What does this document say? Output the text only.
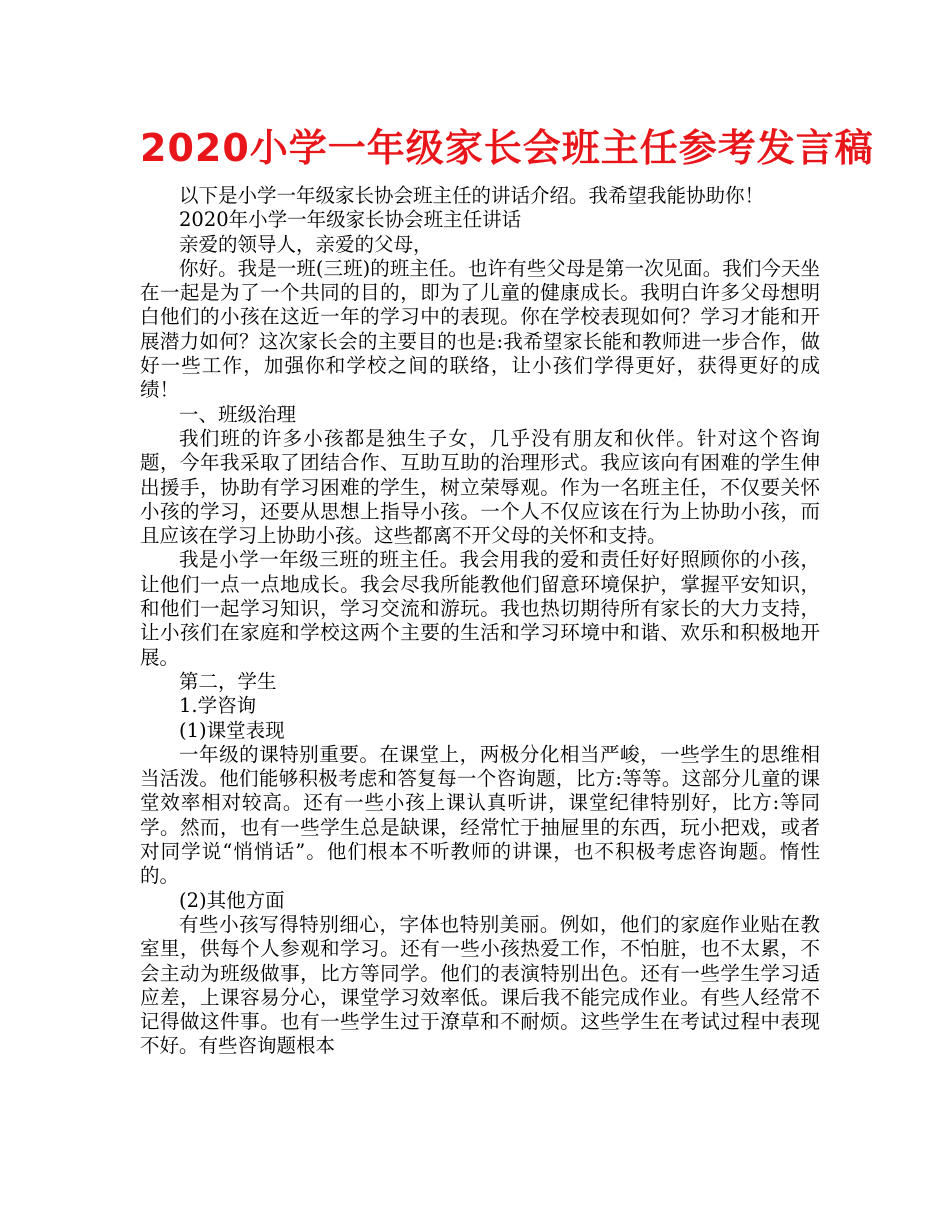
2020小学一年级家长会班主任参考发言稿

以下是小学一年级家长协会班主任的讲话介绍。我希望我能协助你！

2020年小学一年级家长协会班主任讲话

亲爱的领导人，亲爱的父母，

你好。我是一班(三班)的班主任。也许有些父母是第一次见面。我们今天坐在一起是为了一个共同的目的，即为了儿童的健康成长。我明白许多父母想明白他们的小孩在这近一年的学习中的表现。你在学校表现如何？学习才能和开展潜力如何？这次家长会的主要目的也是:我希望家长能和教师进一步合作，做好一些工作，加强你和学校之间的联络，让小孩们学得更好，获得更好的成绩！

一、班级治理

我们班的许多小孩都是独生子女，几乎没有朋友和伙伴。针对这个咨询题，今年我采取了团结合作、互助互助的治理形式。我应该向有困难的学生伸出援手，协助有学习困难的学生，树立荣辱观。作为一名班主任，不仅要关怀小孩的学习，还要从思想上指导小孩。一个人不仅应该在行为上协助小孩，而且应该在学习上协助小孩。这些都离不开父母的关怀和支持。

我是小学一年级三班的班主任。我会用我的爱和责任好好照顾你的小孩，让他们一点一点地成长。我会尽我所能教他们留意环境保护，掌握平安知识，和他们一起学习知识，学习交流和游玩。我也热切期待所有家长的大力支持，让小孩们在家庭和学校这两个主要的生活和学习环境中和谐、欢乐和积极地开展。

第二，学生

1.学咨询

(1)课堂表现

一年级的课特别重要。在课堂上，两极分化相当严峻，一些学生的思维相当活泼。他们能够积极考虑和答复每一个咨询题，比方:等等。这部分儿童的课堂效率相对较高。还有一些小孩上课认真听讲，课堂纪律特别好，比方:等同学。然而，也有一些学生总是缺课，经常忙于抽屉里的东西，玩小把戏，或者对同学说“悄悄话”。他们根本不听教师的讲课，也不积极考虑咨询题。惰性的。

(2)其他方面

有些小孩写得特别细心，字体也特别美丽。例如，他们的家庭作业贴在教室里，供每个人参观和学习。还有一些小孩热爱工作，不怕脏，也不太累，不会主动为班级做事，比方等同学。他们的表演特别出色。还有一些学生学习适应差，上课容易分心，课堂学习效率低。课后我不能完成作业。有些人经常不记得做这件事。也有一些学生过于潦草和不耐烦。这些学生在考试过程中表现不好。有些咨询题根本
